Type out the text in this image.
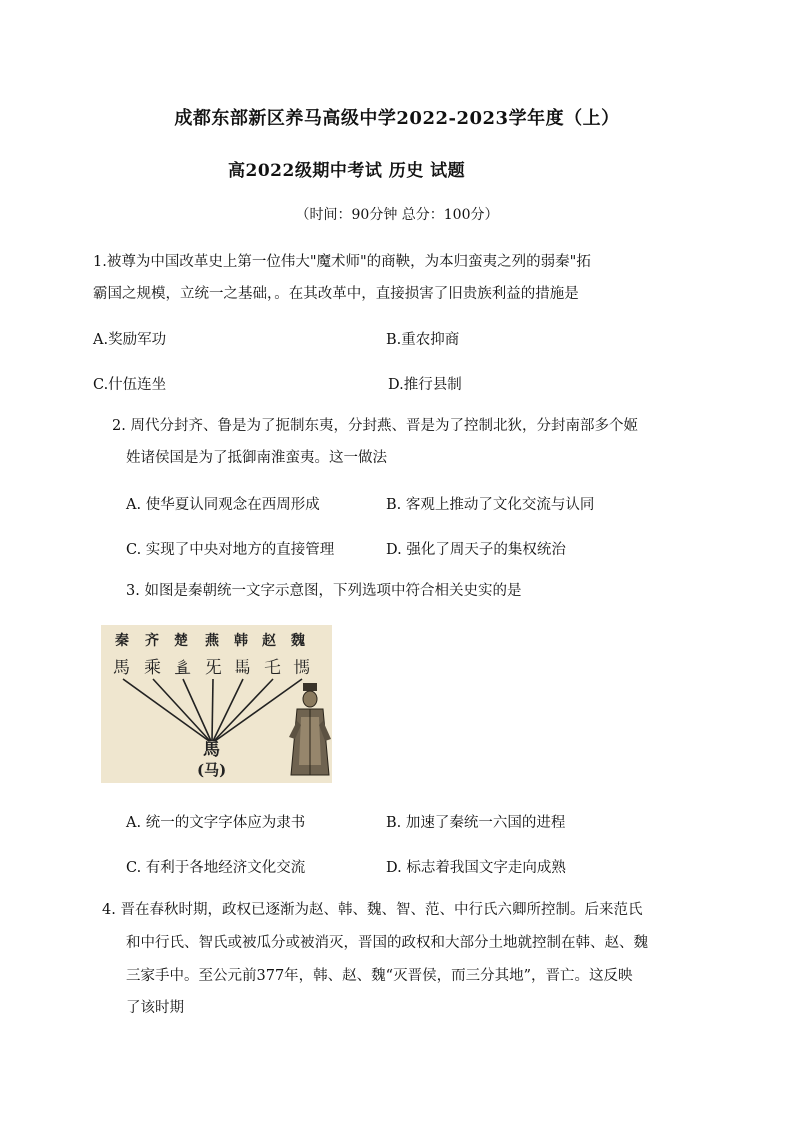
成都东部新区养马高级中学2022-2023学年度（上）
高2022级期中考试 历史 试题
（时间：90分钟 总分：100分）
1.被尊为中国改革史上第一位伟大"魔术师"的商鞅，为本归蛮夷之列的弱秦"拓
霸国之规模，立统一之基础，。在其改革中，直接损害了旧贵族利益的措施是
A.奖励军功	B.重农抑商
C.什伍连坐	D.推行县制
2. 周代分封齐、鲁是为了扼制东夷，分封燕、晋是为了控制北狄，分封南部多个姬
姓诸侯国是为了抵御南淮蛮夷。这一做法
A. 使华夏认同观念在西周形成	B. 客观上推动了文化交流与认同
C. 实现了中央对地方的直接管理	D. 强化了周天子的集权统治
3. 如图是秦朝统一文字示意图，下列选项中符合相关史实的是
秦 齐 楚 燕 韩 赵 魏
馬 乘 𢒉 旡 𩡧 乇 𩡪
馬
(马)
A. 统一的文字字体应为隶书	B. 加速了秦统一六国的进程
C. 有利于各地经济文化交流	D. 标志着我国文字走向成熟
4. 晋在春秋时期，政权已逐渐为赵、韩、魏、智、范、中行氏六卿所控制。后来范氏
和中行氏、智氏或被瓜分或被消灭，晋国的政权和大部分土地就控制在韩、赵、魏
三家手中。至公元前377年，韩、赵、魏“灭晋侯，而三分其地”，晋亡。这反映
了该时期
